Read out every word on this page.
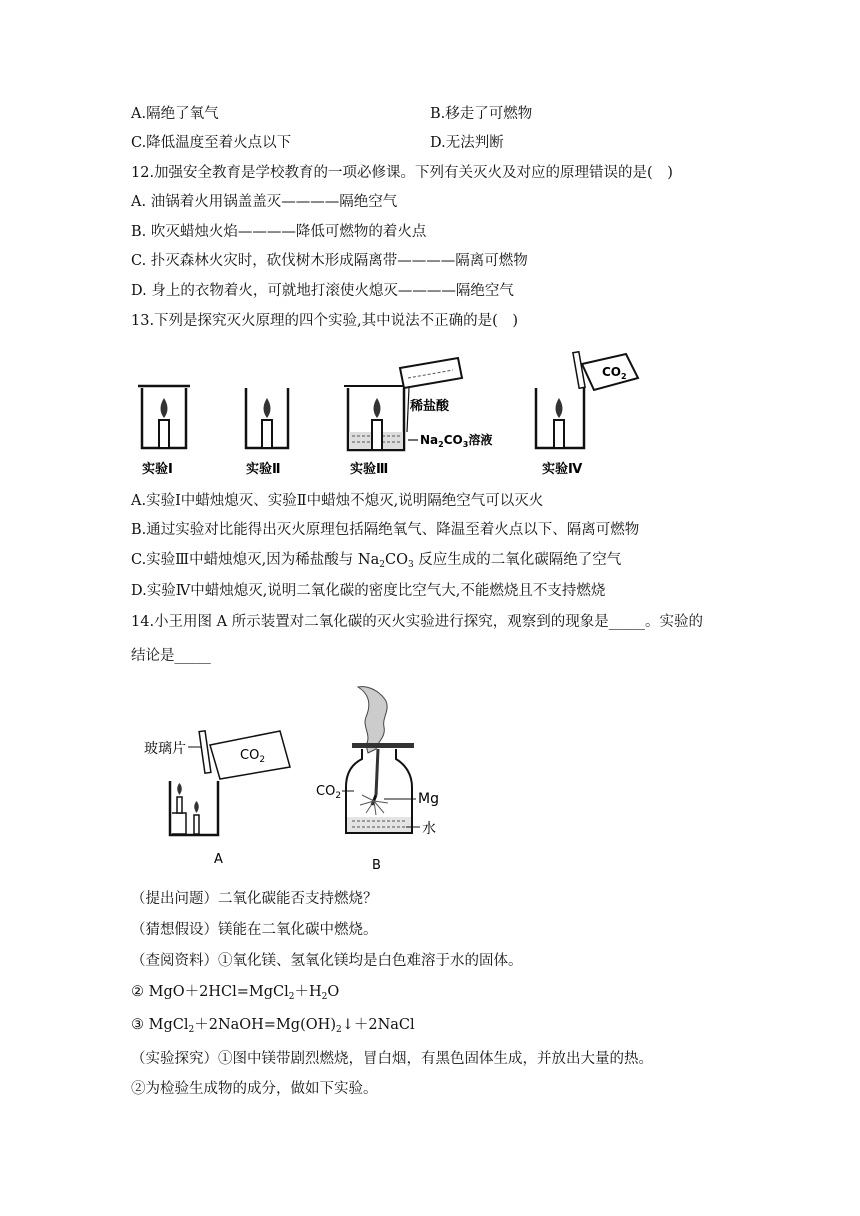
A.隔绝了氧气	B.移走了可燃物
C.降低温度至着火点以下	D.无法判断
12.加强安全教育是学校教育的一项必修课。下列有关灭火及对应的原理错误的是(　)
A. 油锅着火用锅盖盖灭————隔绝空气
B. 吹灭蜡烛火焰————降低可燃物的着火点
C. 扑灭森林火灾时，砍伐树木形成隔离带————隔离可燃物
D. 身上的衣物着火，可就地打滚使火熄灭————隔绝空气
13.下列是探究灭火原理的四个实验,其中说法不正确的是(　)
实验Ⅰ	实验Ⅱ
稀盐酸
$Na_2CO_3$溶液
实验Ⅲ
$CO_2$
实验Ⅳ
A.实验Ⅰ中蜡烛熄灭、实验Ⅱ中蜡烛不熄灭,说明隔绝空气可以灭火
B.通过实验对比能得出灭火原理包括隔绝氧气、降温至着火点以下、隔离可燃物
C.实验Ⅲ中蜡烛熄灭,因为稀盐酸与 $Na_2CO_3$ 反应生成的二氧化碳隔绝了空气
D.实验Ⅳ中蜡烛熄灭,说明二氧化碳的密度比空气大,不能燃烧且不支持燃烧
14.小王用图 A 所示装置对二氧化碳的灭火实验进行探究，观察到的现象是_____。实验的
结论是_____
玻璃片	$CO_2$
A
$CO_2$	Mg
水
B
（提出问题）二氧化碳能否支持燃烧？
（猜想假设）镁能在二氧化碳中燃烧。
（查阅资料）①氧化镁、氢氧化镁均是白色难溶于水的固体。
② $MgO+2HCl=MgCl_2+H_2O$
③ $MgCl_2+2NaOH=Mg(OH)_2↓+2NaCl$
（实验探究）①图中镁带剧烈燃烧，冒白烟，有黑色固体生成，并放出大量的热。
②为检验生成物的成分，做如下实验。
